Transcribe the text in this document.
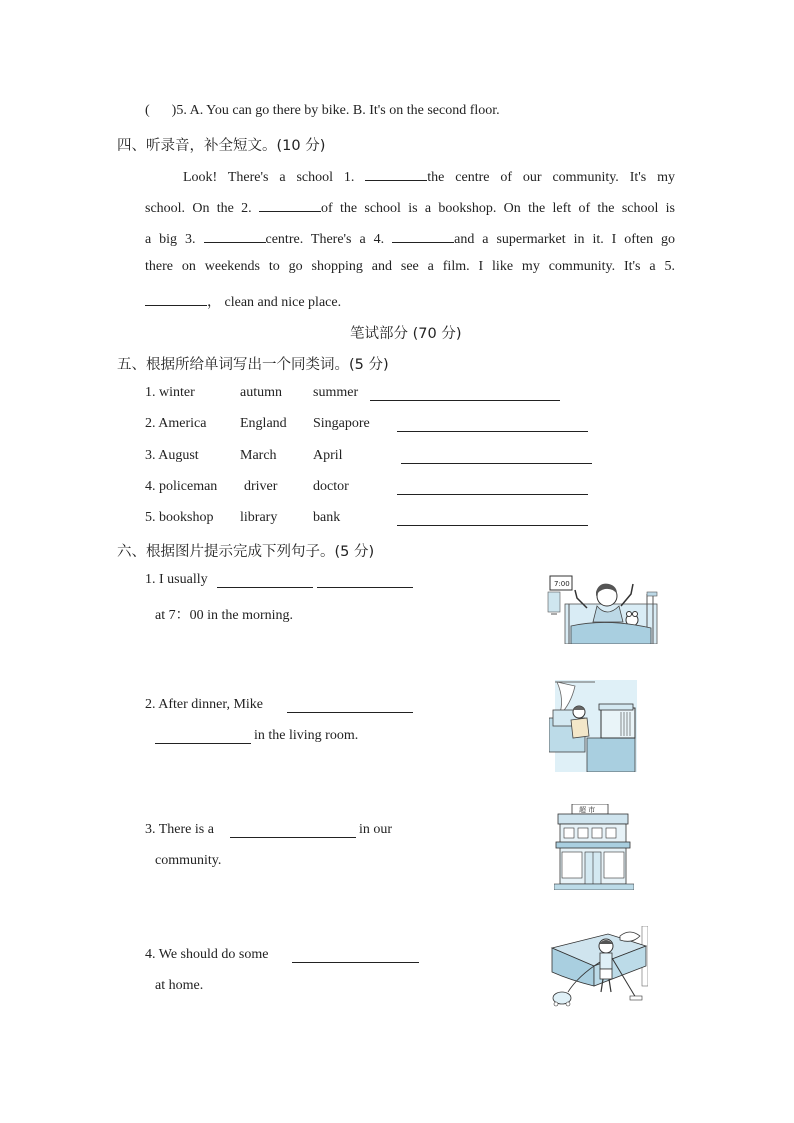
( )5. A. You can go there by bike. B. It's on the second floor.
四、听录音，补全短文。(10 分)
Look! There's a school 1.	the centre of our community. It's my
school. On the 2.	of the school is a bookshop. On the left of the school is
a big 3.	centre. There's a 4.	and a supermarket in it. I often go
there on weekends to go shopping and see a film. I like my community. It's a 5.
， clean and nice place.
笔试部分 (70 分)
五、根据所给单词写出一个同类词。(5 分)
1. winter	autumn summer
2. America England Singapore
3. August	March	April
4. policeman driver	doctor
5. bookshop library	bank
六、根据图片提示完成下列句子。(5 分)
1. I usually
at 7：00 in the morning.
7:00
2. After dinner, Mike
in the living room.
3. There is a	in our
community.
超 市
4. We should do some
at home.
